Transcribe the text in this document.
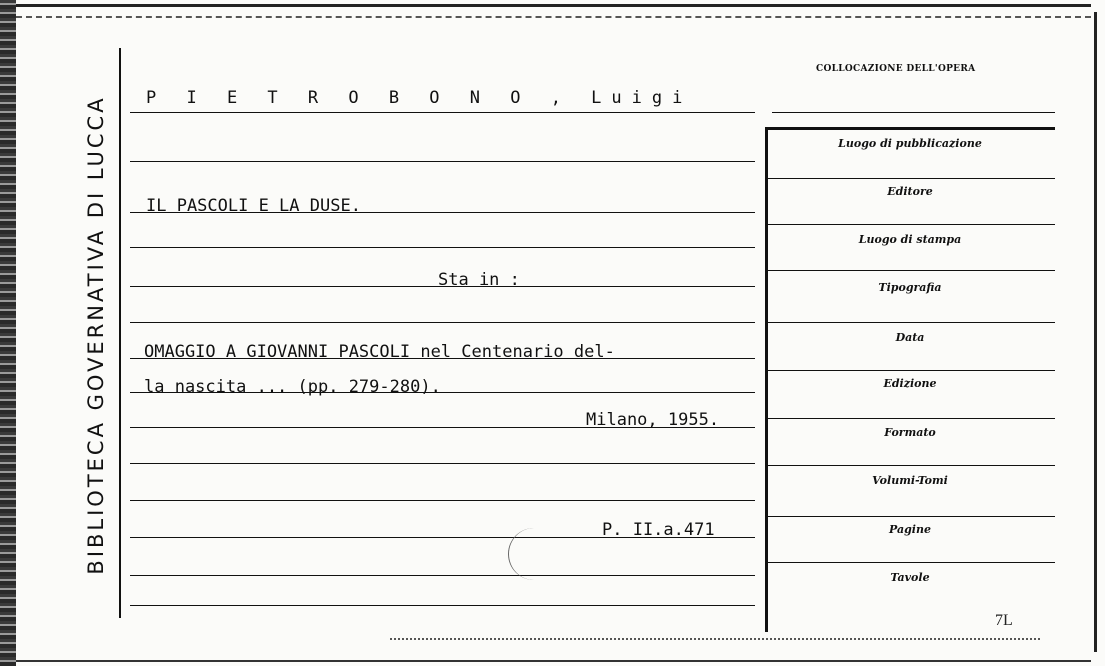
BIBLIOTECA GOVERNATIVA DI LUCCA P I E T R O B O N O , Luigi
IL PASCOLI E LA DUSE.
Sta in :
OMAGGIO A GIOVANNI PASCOLI nel Centenario del-
la nascita ... (pp. 279-280).
Milano, 1955.
P. II.a.471
COLLOCAZIONE DELL'OPERA
Luogo di pubblicazione
Editore
Luogo di stampa
Tipografia
Data
Edizione
Formato
Volumi-Tomi
Pagine
Tavole
7L
